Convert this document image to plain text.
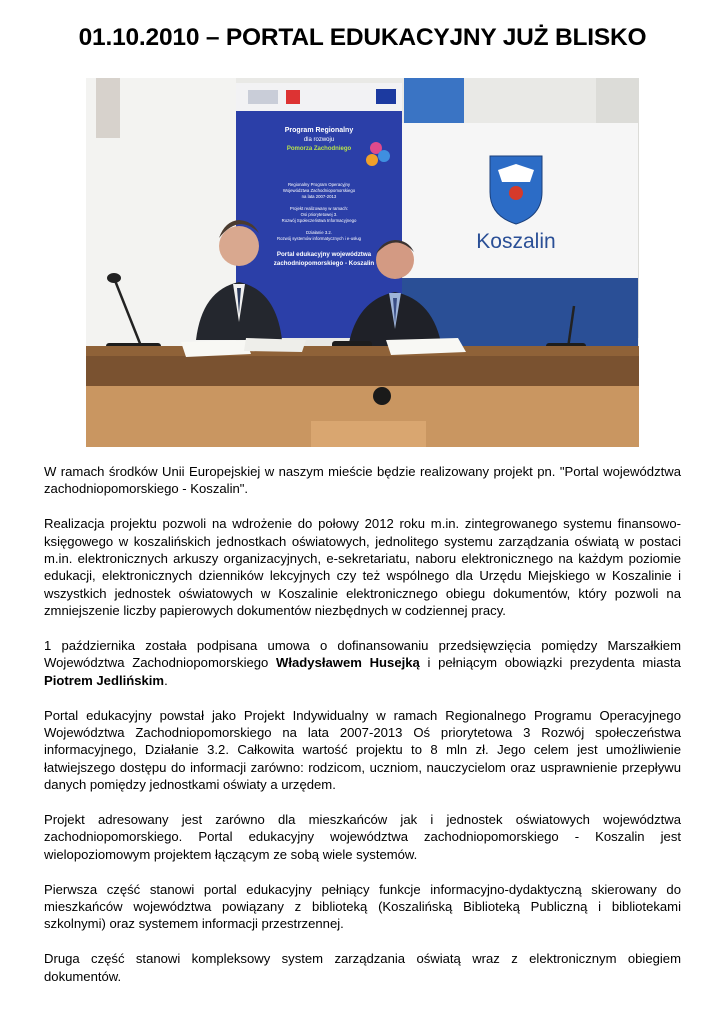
01.10.2010 – PORTAL EDUKACYJNY JUŻ BLISKO
Program Regionalny
dla rozwoju
Pomorza Zachodniego
Regionalny Program Operacyjny
Województwa Zachodniopomorskiego
na lata 2007-2013
Projekt realizowany w ramach:
Osi priorytetowej 3.
Rozwój Społeczeństwa Informacyjnego
Działanie 3.2.
Rozwój systemów informatycznych i e-usług
Portal edukacyjny województwa
zachodniopomorskiego - Koszalin
Koszalin

W ramach środków Unii Europejskiej w naszym mieście będzie realizowany projekt pn. "Portal województwa zachodniopomorskiego - Koszalin".

Realizacja projektu pozwoli na wdrożenie do połowy 2012 roku m.in. zintegrowanego systemu finansowo-księgowego w koszalińskich jednostkach oświatowych, jednolitego systemu zarządzania oświatą w postaci m.in. elektronicznych arkuszy organizacyjnych, e-sekretariatu, naboru elektronicznego na każdym poziomie edukacji, elektronicznych dzienników lekcyjnych czy też wspólnego dla Urzędu Miejskiego w Koszalinie i wszystkich jednostek oświatowych w Koszalinie elektronicznego obiegu dokumentów, który pozwoli na zmniejszenie liczby papierowych dokumentów niezbędnych w codziennej pracy.

1 października została podpisana umowa o dofinansowaniu przedsięwzięcia pomiędzy Marszałkiem Województwa Zachodniopomorskiego Władysławem Husejką i pełniącym obowiązki prezydenta miasta Piotrem Jedlińskim.

Portal edukacyjny powstał jako Projekt Indywidualny w ramach Regionalnego Programu Operacyjnego Województwa Zachodniopomorskiego na lata 2007-2013 Oś priorytetowa 3 Rozwój społeczeństwa informacyjnego, Działanie 3.2. Całkowita wartość projektu to 8 mln zł. Jego celem jest umożliwienie łatwiejszego dostępu do informacji zarówno: rodzicom, uczniom, nauczycielom oraz usprawnienie przepływu danych pomiędzy jednostkami oświaty a urzędem.

Projekt adresowany jest zarówno dla mieszkańców jak i jednostek oświatowych województwa zachodniopomorskiego. Portal edukacyjny województwa zachodniopomorskiego - Koszalin jest wielopoziomowym projektem łączącym ze sobą wiele systemów.

Pierwsza część stanowi portal edukacyjny pełniący funkcje informacyjno-dydaktyczną skierowany do mieszkańców województwa powiązany z biblioteką (Koszalińską Biblioteką Publiczną i bibliotekami szkolnymi) oraz systemem informacji przestrzennej.

Druga część stanowi kompleksowy system zarządzania oświatą wraz z elektronicznym obiegiem dokumentów.
